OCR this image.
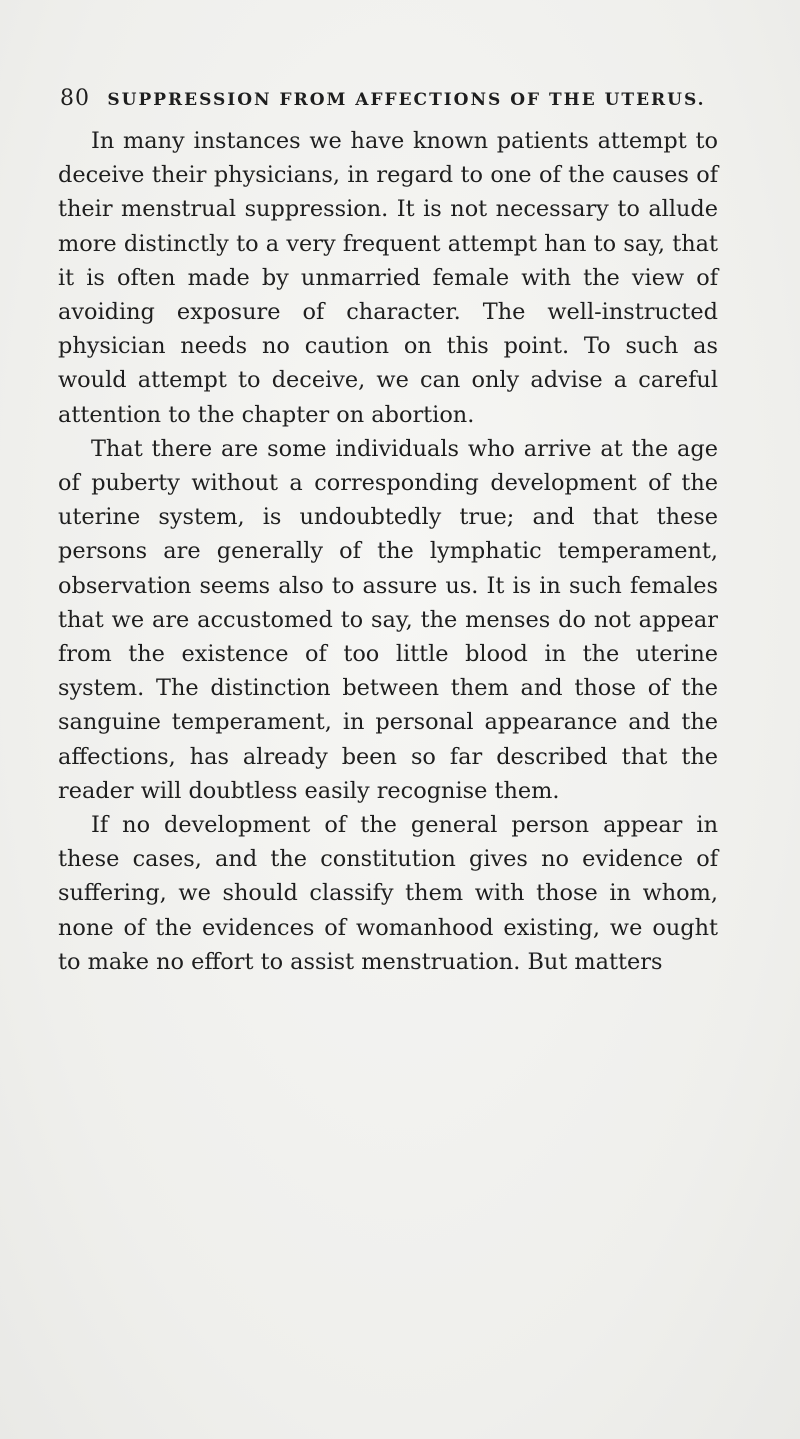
80 SUPPRESSION FROM AFFECTIONS OF THE UTERUS.

In many instances we have known patients attempt to deceive their physicians, in regard to one of the causes of their menstrual suppression. It is not necessary to allude more distinctly to a very frequent attempt han to say, that it is often made by unmarried female with the view of avoiding exposure of character. The well-instructed physician needs no caution on this point. To such as would attempt to deceive, we can only advise a careful attention to the chapter on abortion.

That there are some individuals who arrive at the age of puberty without a corresponding development of the uterine system, is undoubtedly true; and that these persons are generally of the lymphatic temperament, observation seems also to assure us. It is in such females that we are accustomed to say, the menses do not appear from the existence of too little blood in the uterine system. The distinction between them and those of the sanguine temperament, in personal appearance and the affections, has already been so far described that the reader will doubtless easily recognise them.

If no development of the general person appear in these cases, and the constitution gives no evidence of suffering, we should classify them with those in whom, none of the evidences of womanhood existing, we ought to make no effort to assist menstruation. But matters
